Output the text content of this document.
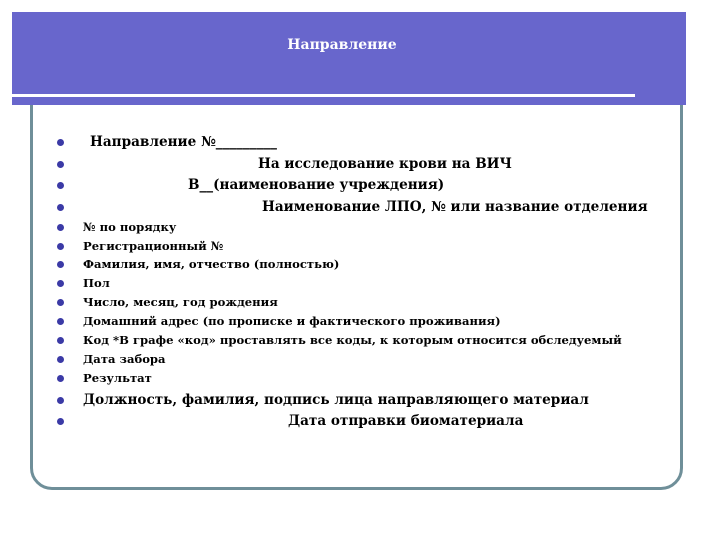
Направление
Направление №_________
На исследование крови на ВИЧ
В__(наименование учреждения)
Наименование ЛПО, № или название отделения
№ по порядку
Регистрационный №
Фамилия, имя, отчество (полностью)
Пол
Число, месяц, год рождения
Домашний адрес (по прописке и фактического проживания)
Код *В графе «код» проставлять все коды, к которым относится обследуемый
Дата забора
Результат
Должность, фамилия, подпись лица направляющего материал
Дата отправки биоматериала
